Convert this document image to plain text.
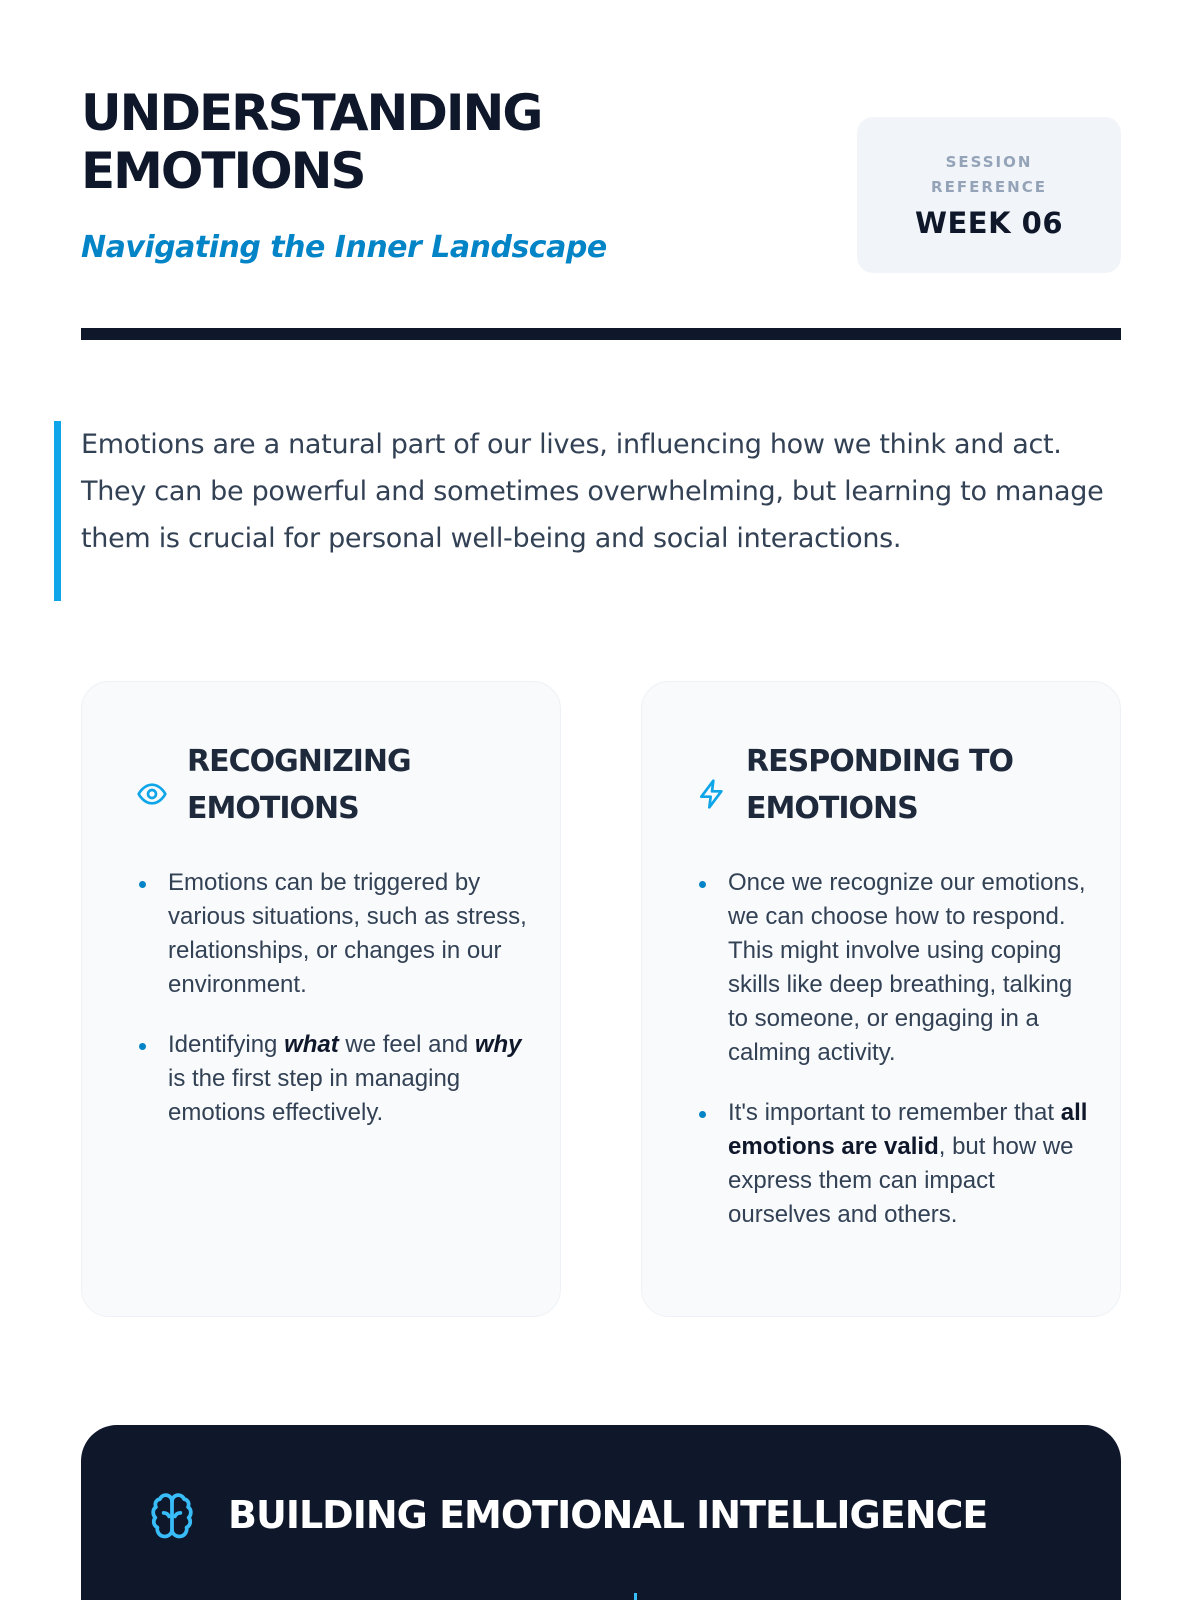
UNDERSTANDING
EMOTIONS
Navigating the Inner Landscape
SESSION REFERENCE
WEEK 06

Emotions are a natural part of our lives, influencing how we think and act. They can be powerful and sometimes overwhelming, but learning to manage them is crucial for personal well-being and social interactions.

RECOGNIZING EMOTIONS
Emotions can be triggered by various situations, such as stress, relationships, or changes in our environment.
Identifying what we feel and why is the first step in managing emotions effectively.
RESPONDING TO EMOTIONS
Once we recognize our emotions, we can choose how to respond. This might involve using coping skills like deep breathing, talking to someone, or engaging in a calming activity.
It's important to remember that all emotions are valid, but how we express them can impact ourselves and others.
BUILDING EMOTIONAL INTELLIGENCE
